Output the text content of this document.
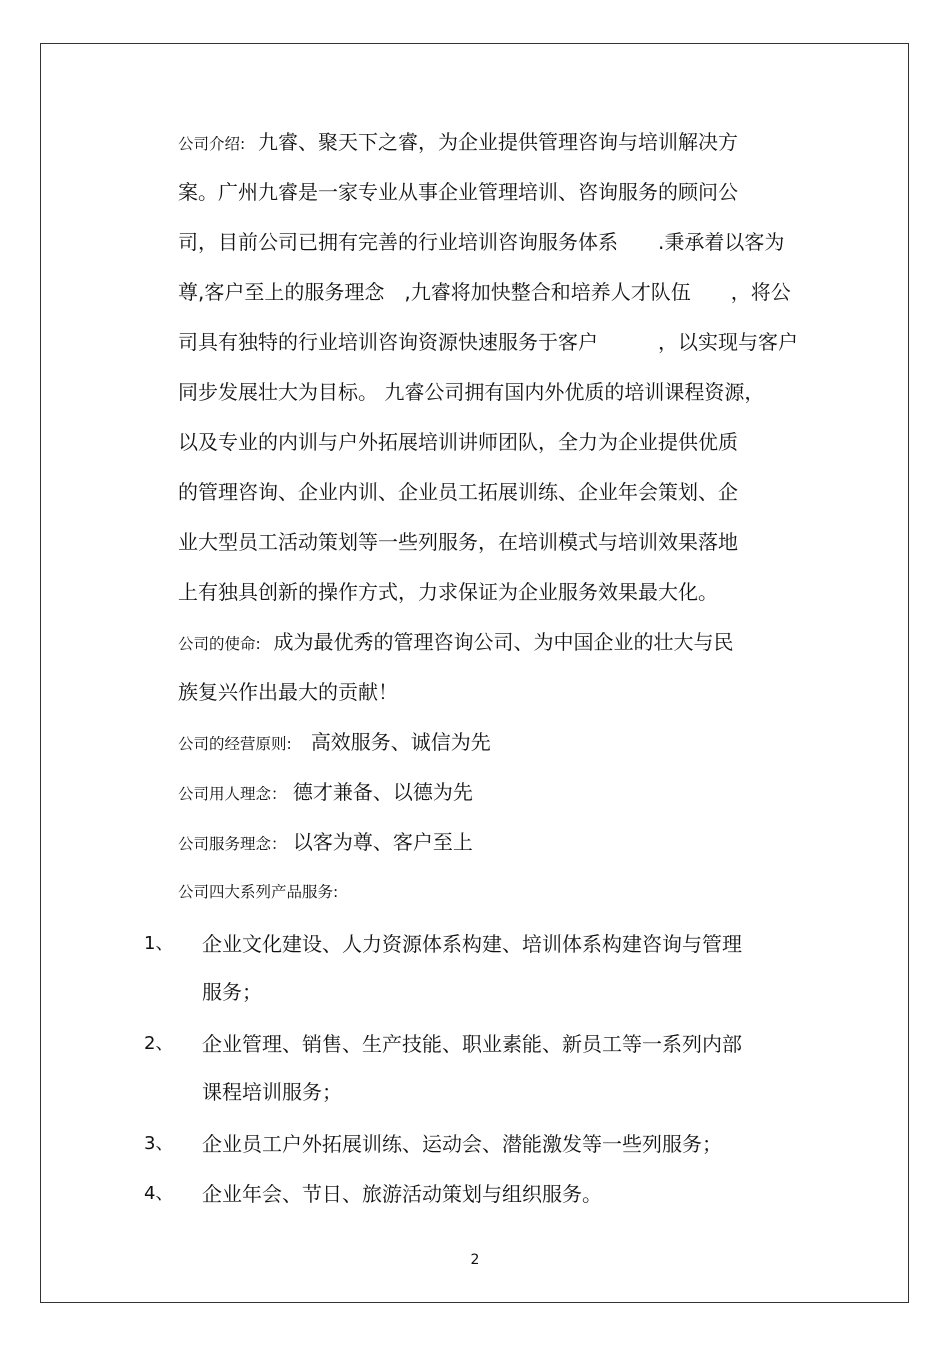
公司介绍: 九睿、聚天下之睿，为企业提供管理咨询与培训解决方
案。广州九睿是一家专业从事企业管理培训、咨询服务的顾问公
司，目前公司已拥有完善的行业培训咨询服务体系　　.秉承着以客为
尊,客户至上的服务理念　,九睿将加快整合和培养人才队伍　　，将公
司具有独特的行业培训咨询资源快速服务于客户　　　，以实现与客户
同步发展壮大为目标。 九睿公司拥有国内外优质的培训课程资源，
以及专业的内训与户外拓展培训讲师团队，全力为企业提供优质
的管理咨询、企业内训、企业员工拓展训练、企业年会策划、企
业大型员工活动策划等一些列服务，在培训模式与培训效果落地
上有独具创新的操作方式，力求保证为企业服务效果最大化。
公司的使命: 成为最优秀的管理咨询公司、为中国企业的壮大与民
族复兴作出最大的贡献！
公司的经营原则: 高效服务、诚信为先
公司用人理念： 德才兼备、以德为先
公司服务理念： 以客为尊、客户至上
公司四大系列产品服务:
1、 企业文化建设、人力资源体系构建、培训体系构建咨询与管理
服务；
2、 企业管理、销售、生产技能、职业素能、新员工等一系列内部
课程培训服务；
3、 企业员工户外拓展训练、运动会、潜能激发等一些列服务；
4、 企业年会、节日、旅游活动策划与组织服务。
2
